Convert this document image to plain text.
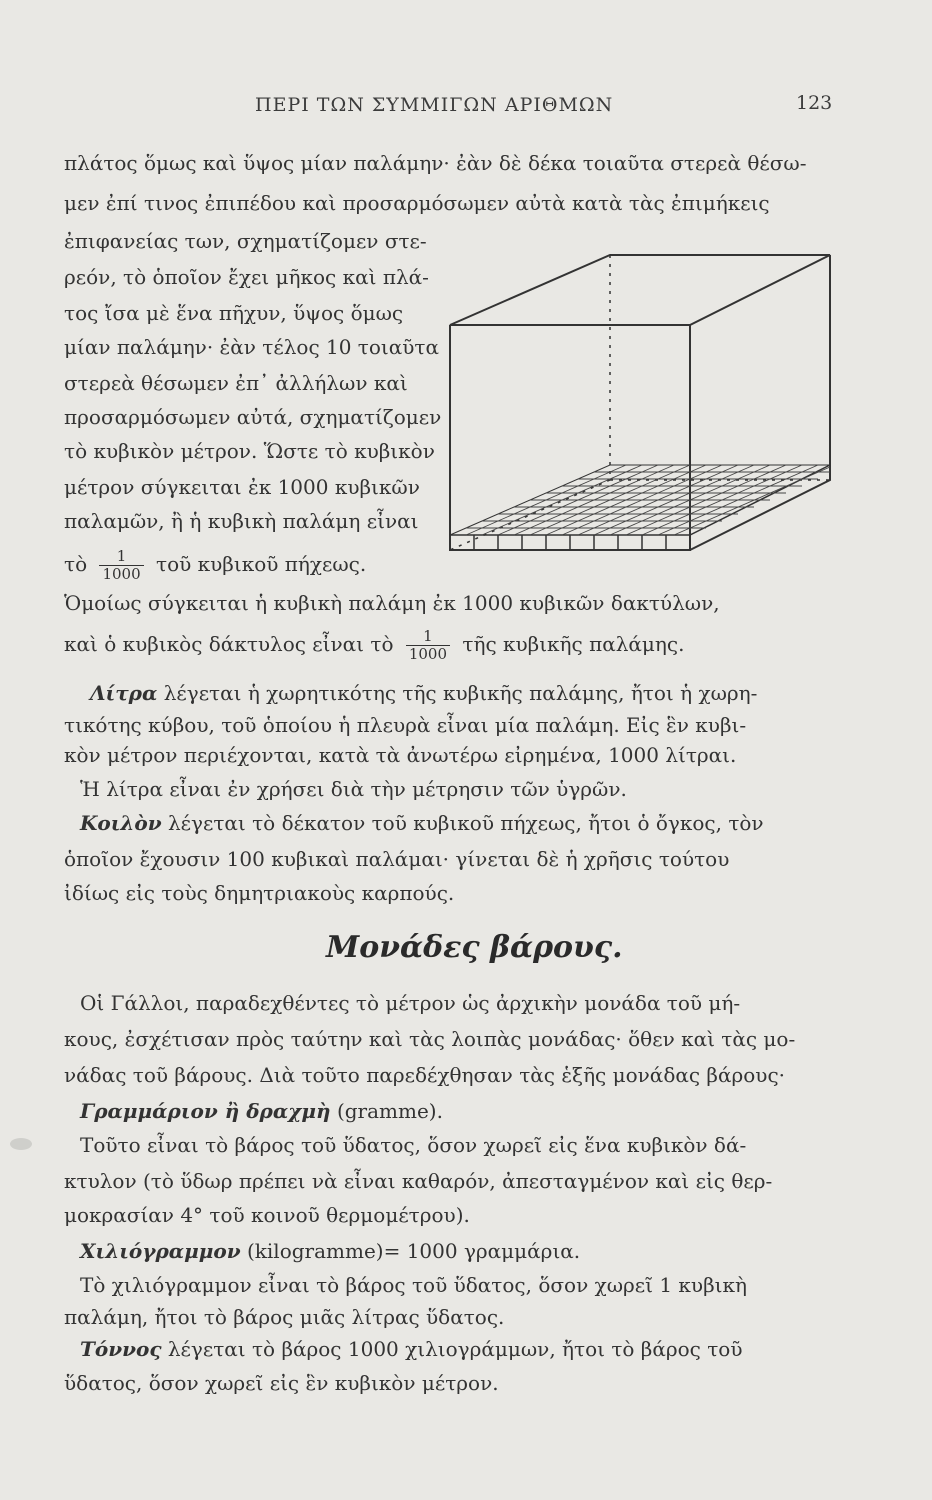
ΠΕΡΙ ΤΩΝ ΣΥΜΜΙΓΩΝ ΑΡΙΘΜΩΝ	123
πλάτος ὅμως καὶ ὕψος μίαν παλάμην· ἐὰν δὲ δέκα τοιαῦτα στερεὰ θέσω-
μεν ἐπί τινος ἐπιπέδου καὶ προσαρμόσωμεν αὐτὰ κατὰ τὰς ἐπιμήκεις
ἐπιφανείας των, σχηματίζομεν στε-
ρεόν, τὸ ὁποῖον ἔχει μῆκος καὶ πλά-
τος ἴσα μὲ ἕνα πῆχυν, ὕψος ὅμως
μίαν παλάμην· ἐὰν τέλος 10 τοιαῦτα
στερεὰ θέσωμεν ἐπ᾽ ἀλλήλων καὶ
προσαρμόσωμεν αὐτά, σχηματίζομεν
τὸ κυβικὸν μέτρον. Ὥστε τὸ κυβικὸν
μέτρον σύγκειται ἐκ 1000 κυβικῶν
παλαμῶν, ἢ ἡ κυβικὴ παλάμη εἶναι
τὸ $\frac{1}{1000}$ τοῦ κυβικοῦ πήχεως.
Ὁμοίως σύγκειται ἡ κυβικὴ παλάμη ἐκ 1000 κυβικῶν δακτύλων,
καὶ ὁ κυβικὸς δάκτυλος εἶναι τὸ $\frac{1}{1000}$ τῆς κυβικῆς παλάμης.
Λίτρα λέγεται ἡ χωρητικότης τῆς κυβικῆς παλάμης, ἤτοι ἡ χωρη-
τικότης κύβου, τοῦ ὁποίου ἡ πλευρὰ εἶναι μία παλάμη. Εἰς ἓν κυβι-
κὸν μέτρον περιέχονται, κατὰ τὰ ἀνωτέρω εἰρημένα, 1000 λίτραι.
Ἡ λίτρα εἶναι ἐν χρήσει διὰ τὴν μέτρησιν τῶν ὑγρῶν.
Κοιλὸν λέγεται τὸ δέκατον τοῦ κυβικοῦ πήχεως, ἤτοι ὁ ὄγκος, τὸν
ὁποῖον ἔχουσιν 100 κυβικαὶ παλάμαι· γίνεται δὲ ἡ χρῆσις τούτου
ἰδίως εἰς τοὺς δημητριακοὺς καρπούς.
Μονάδες βάρους.
Οἱ Γάλλοι, παραδεχθέντες τὸ μέτρον ὡς ἀρχικὴν μονάδα τοῦ μή-
κους, ἐσχέτισαν πρὸς ταύτην καὶ τὰς λοιπὰς μονάδας· ὅθεν καὶ τὰς μο-
νάδας τοῦ βάρους. Διὰ τοῦτο παρεδέχθησαν τὰς ἑξῆς μονάδας βάρους·
Γραμμάριον ἢ δραχμὴ (gramme).
Τοῦτο εἶναι τὸ βάρος τοῦ ὕδατος, ὅσον χωρεῖ εἰς ἕνα κυβικὸν δά-
κτυλον (τὸ ὕδωρ πρέπει νὰ εἶναι καθαρόν, ἀπεσταγμένον καὶ εἰς θερ-
μοκρασίαν 4° τοῦ κοινοῦ θερμομέτρου).
Χιλιόγραμμον (kilogramme)= 1000 γραμμάρια.
Τὸ χιλιόγραμμον εἶναι τὸ βάρος τοῦ ὕδατος, ὅσον χωρεῖ 1 κυβικὴ
παλάμη, ἤτοι τὸ βάρος μιᾶς λίτρας ὕδατος.
Τόννος λέγεται τὸ βάρος 1000 χιλιογράμμων, ἤτοι τὸ βάρος τοῦ
ὕδατος, ὅσον χωρεῖ εἰς ἓν κυβικὸν μέτρον.
